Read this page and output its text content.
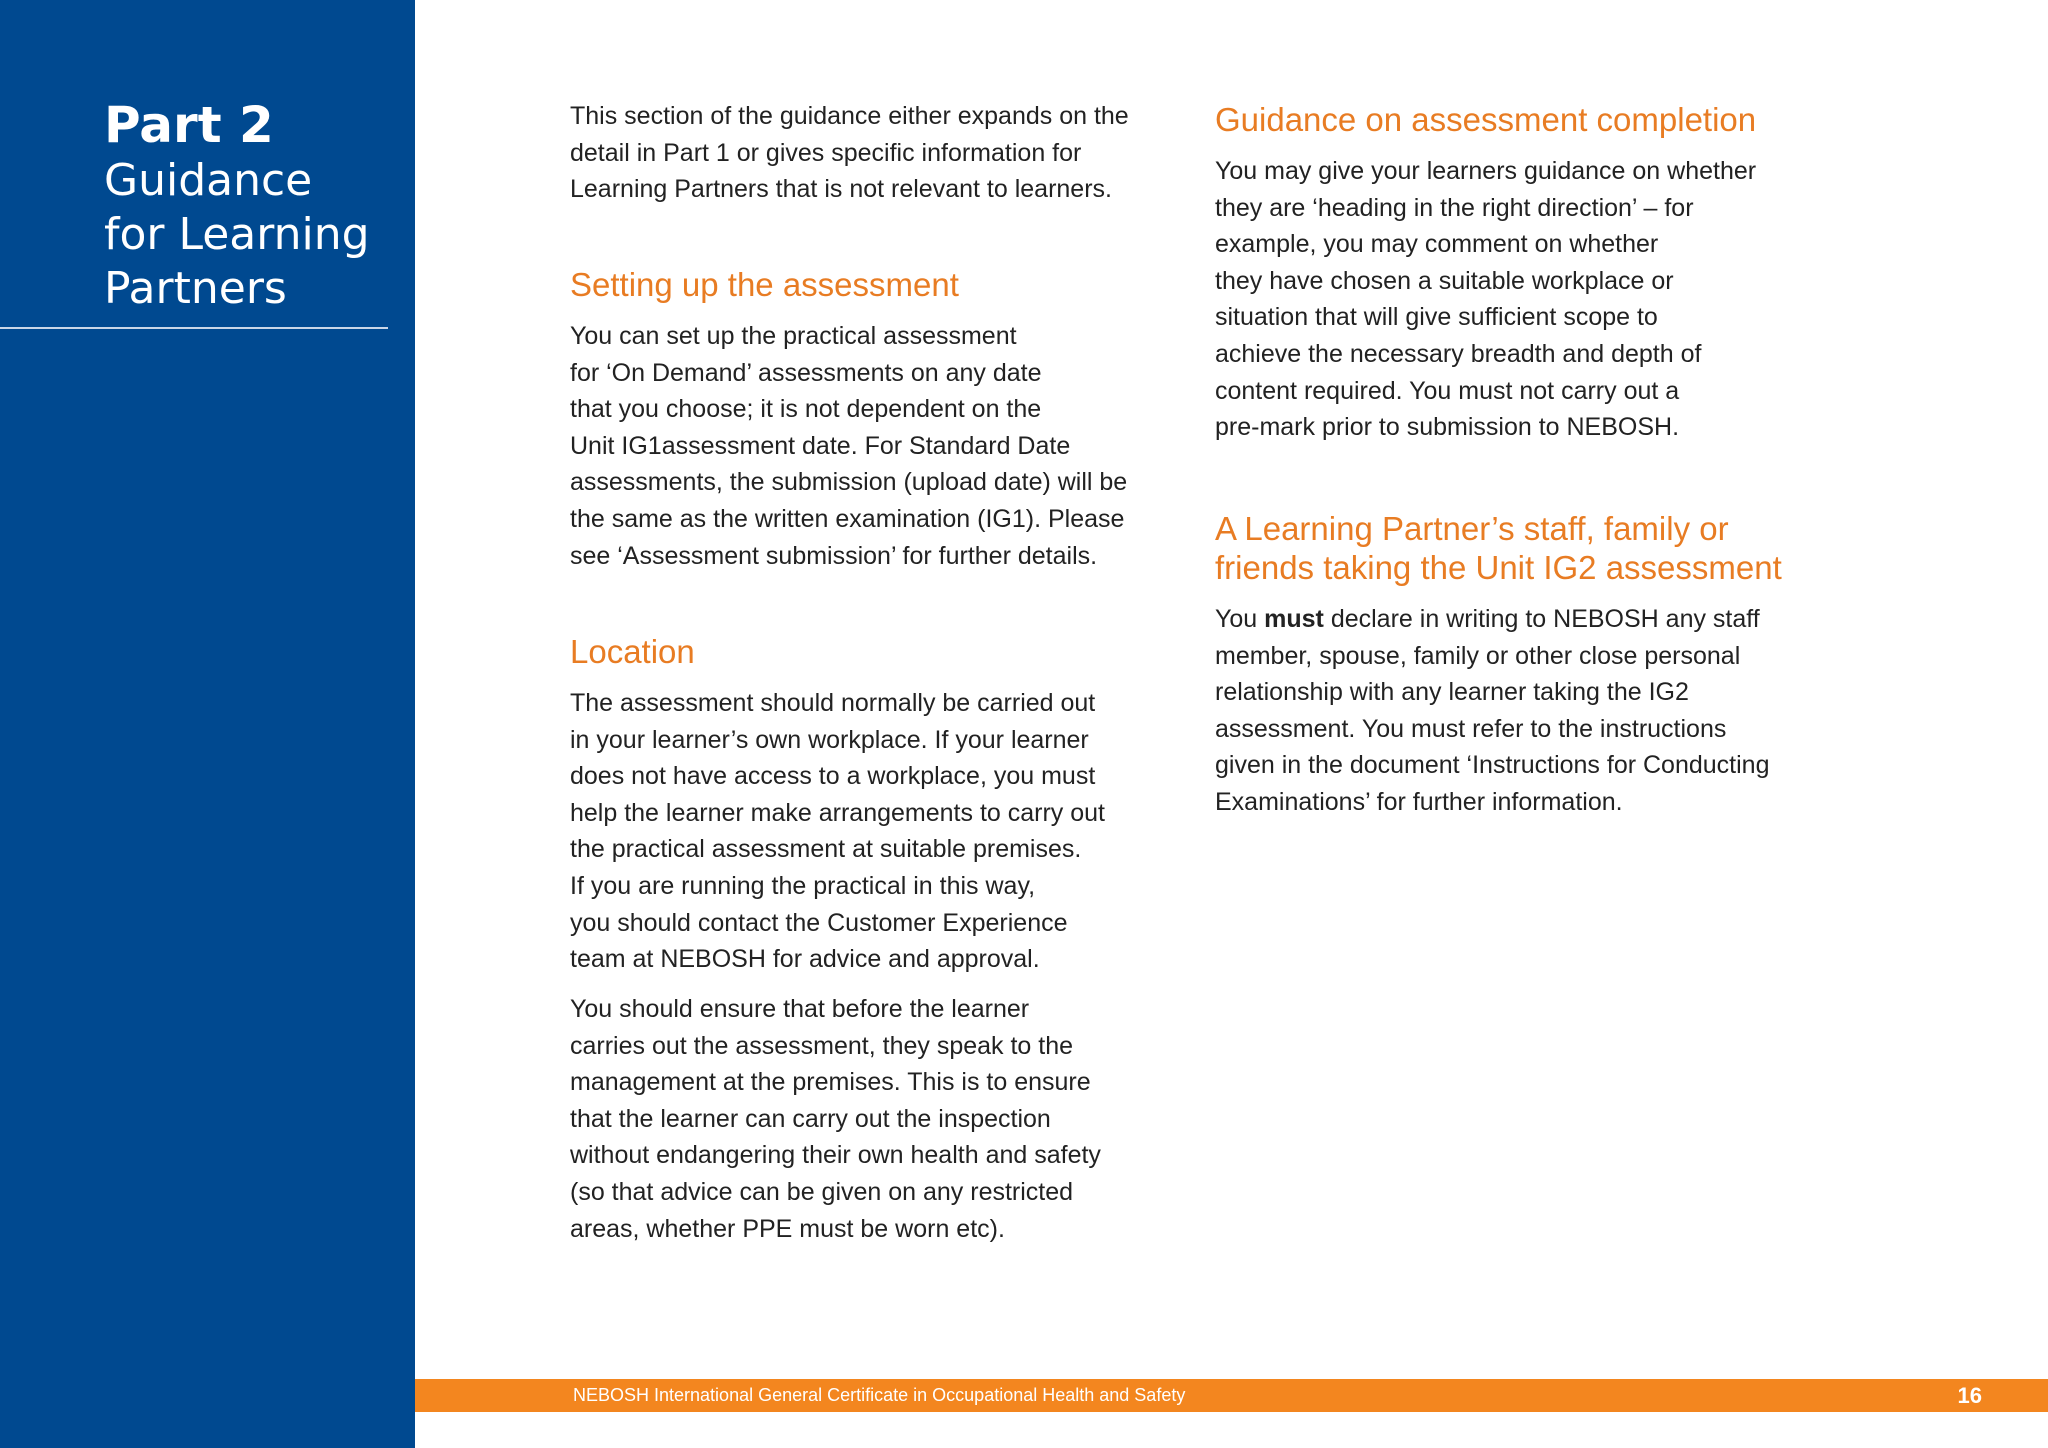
Part 2
Guidance
for Learning
Partners

This section of the guidance either expands on the
detail in Part 1 or gives specific information for
Learning Partners that is not relevant to learners.

Setting up the assessment

You can set up the practical assessment
for ‘On Demand’ assessments on any date
that you choose; it is not dependent on the
Unit IG1assessment date. For Standard Date
assessments, the submission (upload date) will be
the same as the written examination (IG1). Please
see ‘Assessment submission’ for further details.

Location

The assessment should normally be carried out
in your learner’s own workplace. If your learner
does not have access to a workplace, you must
help the learner make arrangements to carry out
the practical assessment at suitable premises.
If you are running the practical in this way,
you should contact the Customer Experience
team at NEBOSH for advice and approval.

You should ensure that before the learner
carries out the assessment, they speak to the
management at the premises. This is to ensure
that the learner can carry out the inspection
without endangering their own health and safety
(so that advice can be given on any restricted
areas, whether PPE must be worn etc).

Guidance on assessment completion

You may give your learners guidance on whether
they are ‘heading in the right direction’ – for
example, you may comment on whether
they have chosen a suitable workplace or
situation that will give sufficient scope to
achieve the necessary breadth and depth of
content required. You must not carry out a
pre-mark prior to submission to NEBOSH.

A Learning Partner’s staff, family or
friends taking the Unit IG2 assessment

You must declare in writing to NEBOSH any staff
member, spouse, family or other close personal
relationship with any learner taking the IG2
assessment. You must refer to the instructions
given in the document ‘Instructions for Conducting
Examinations’ for further information.

NEBOSH International General Certificate in Occupational Health and Safety	16
